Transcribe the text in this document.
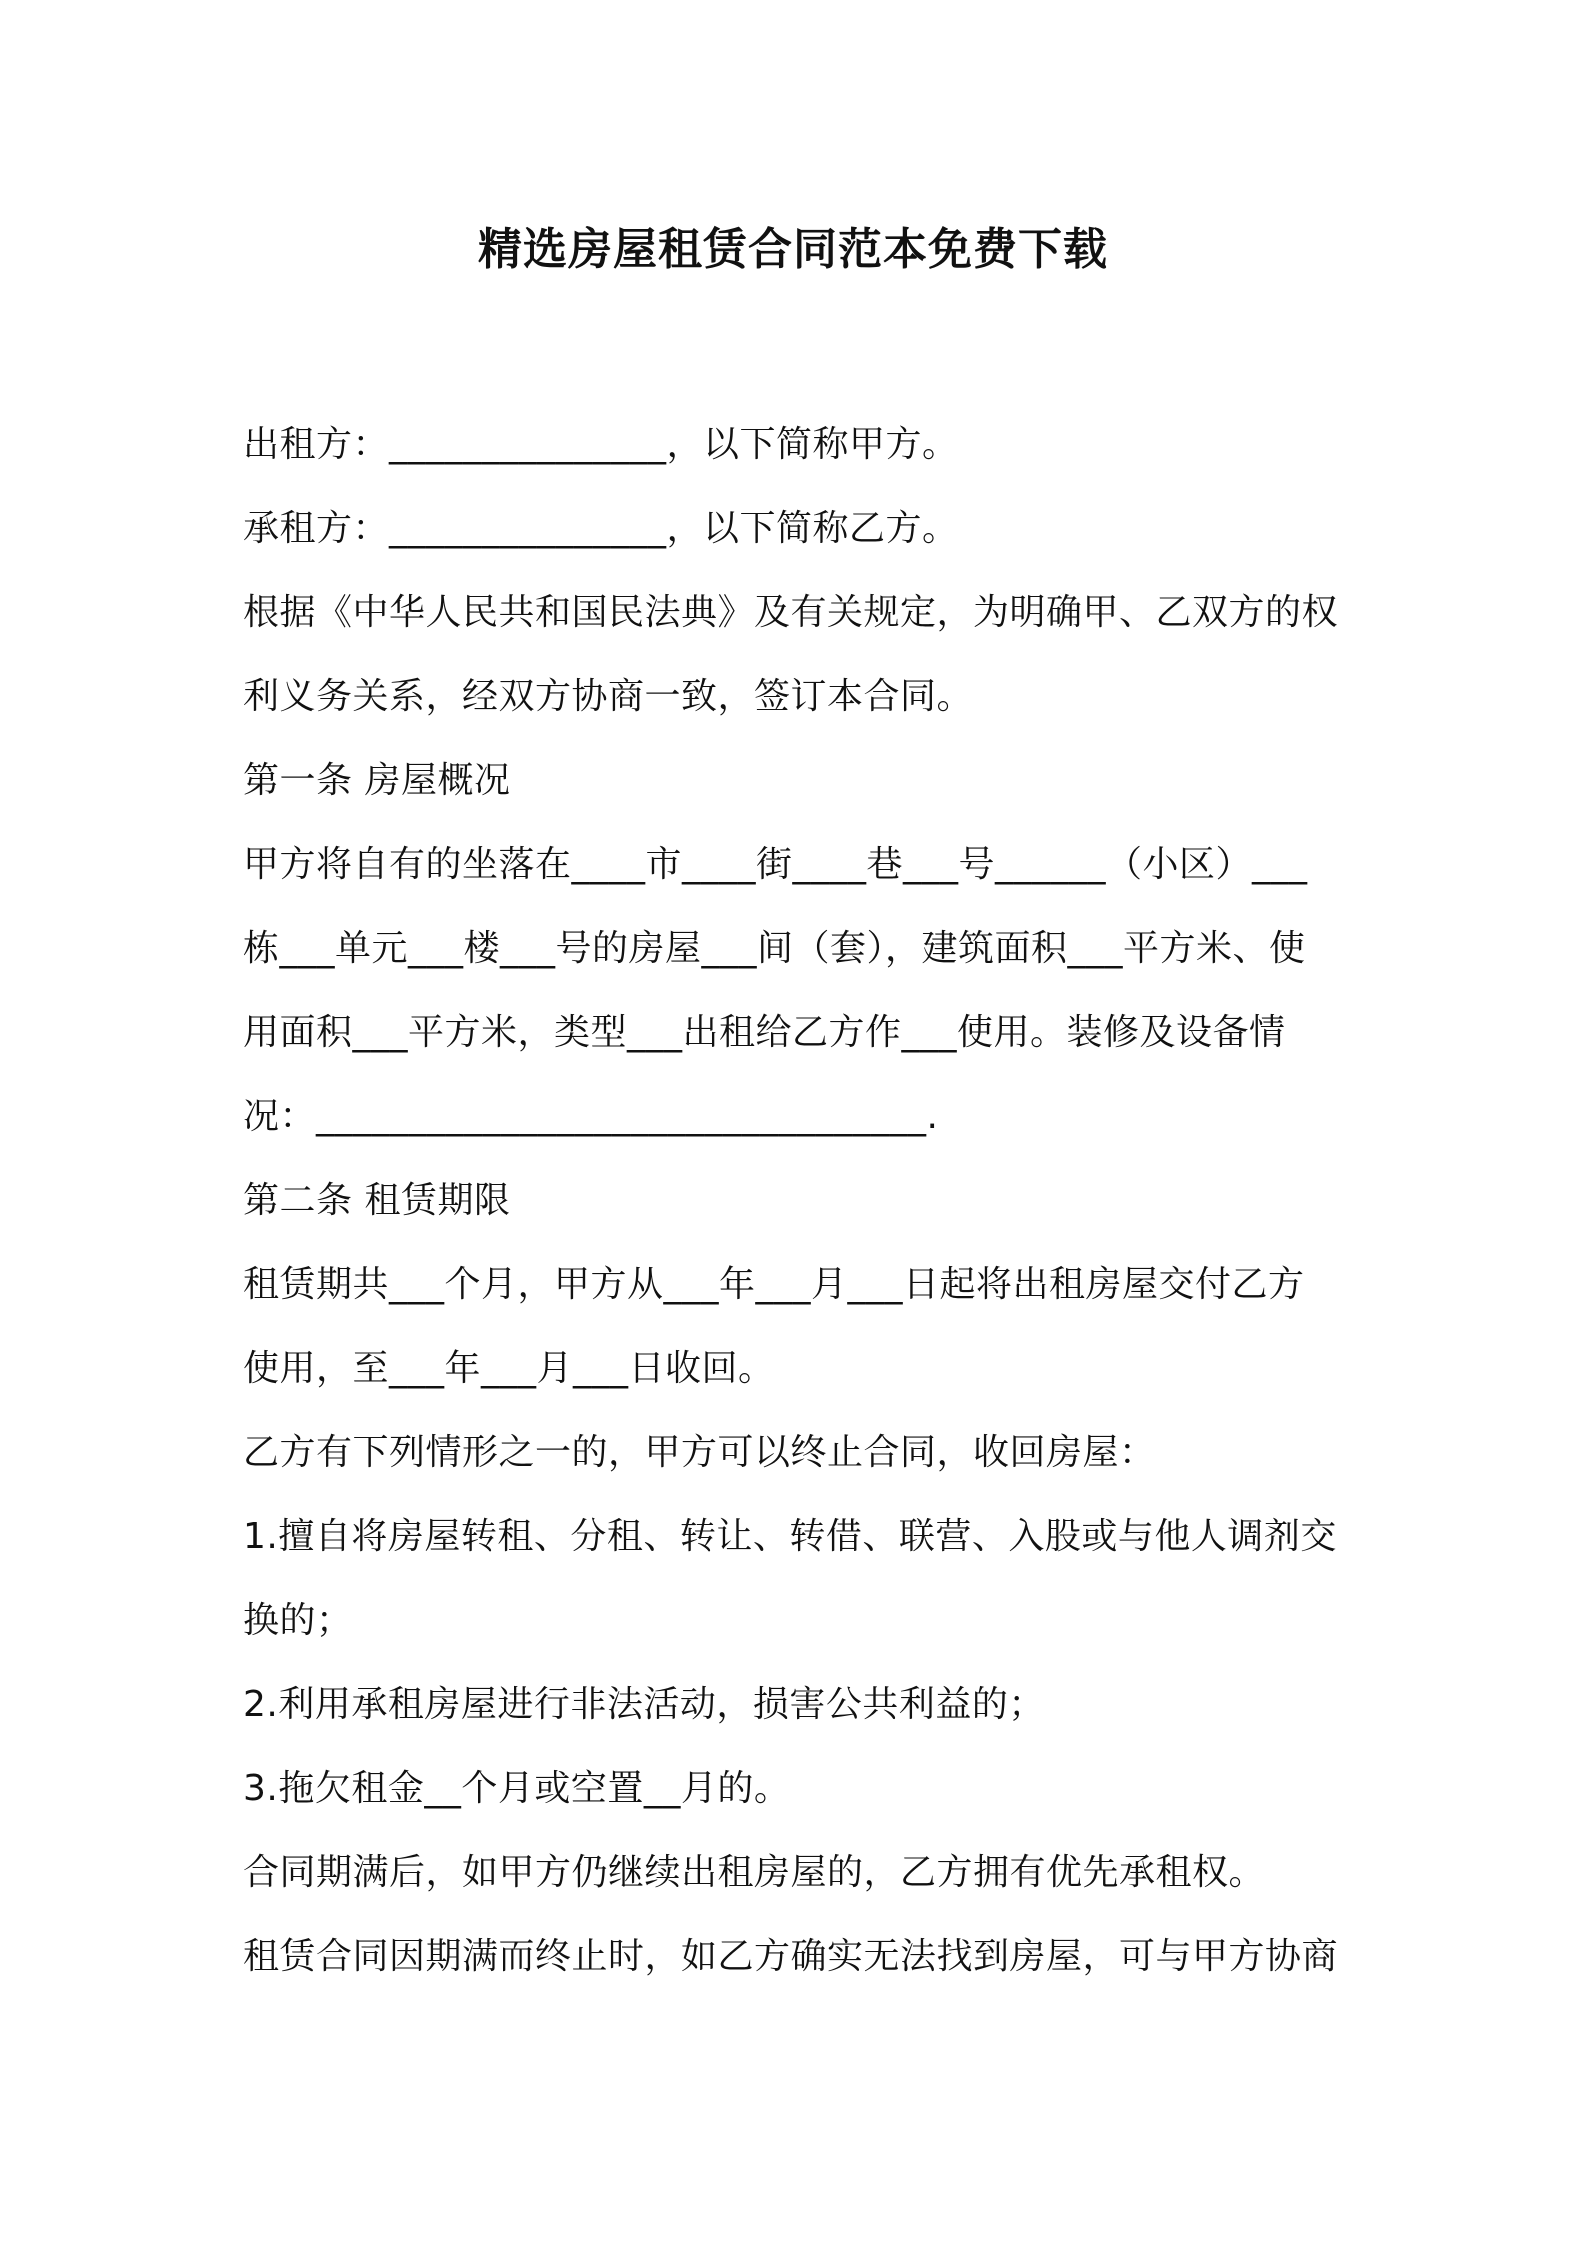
精选房屋租赁合同范本免费下载
出租方：_______________，以下简称甲方。
承租方：_______________，以下简称乙方。
根据《中华人民共和国民法典》及有关规定，为明确甲、乙双方的权
利义务关系，经双方协商一致，签订本合同。
第一条 房屋概况
甲方将自有的坐落在____市____街____巷___号______（小区）___
栋___单元___楼___号的房屋___间（套），建筑面积___平方米、使
用面积___平方米，类型___出租给乙方作___使用。装修及设备情
况：_________________________________.
第二条 租赁期限
租赁期共___个月，甲方从___年___月___日起将出租房屋交付乙方
使用，至___年___月___日收回。
乙方有下列情形之一的，甲方可以终止合同，收回房屋：
1.擅自将房屋转租、分租、转让、转借、联营、入股或与他人调剂交
换的；
2.利用承租房屋进行非法活动，损害公共利益的；
3.拖欠租金__个月或空置__月的。
合同期满后，如甲方仍继续出租房屋的，乙方拥有优先承租权。
租赁合同因期满而终止时，如乙方确实无法找到房屋，可与甲方协商
